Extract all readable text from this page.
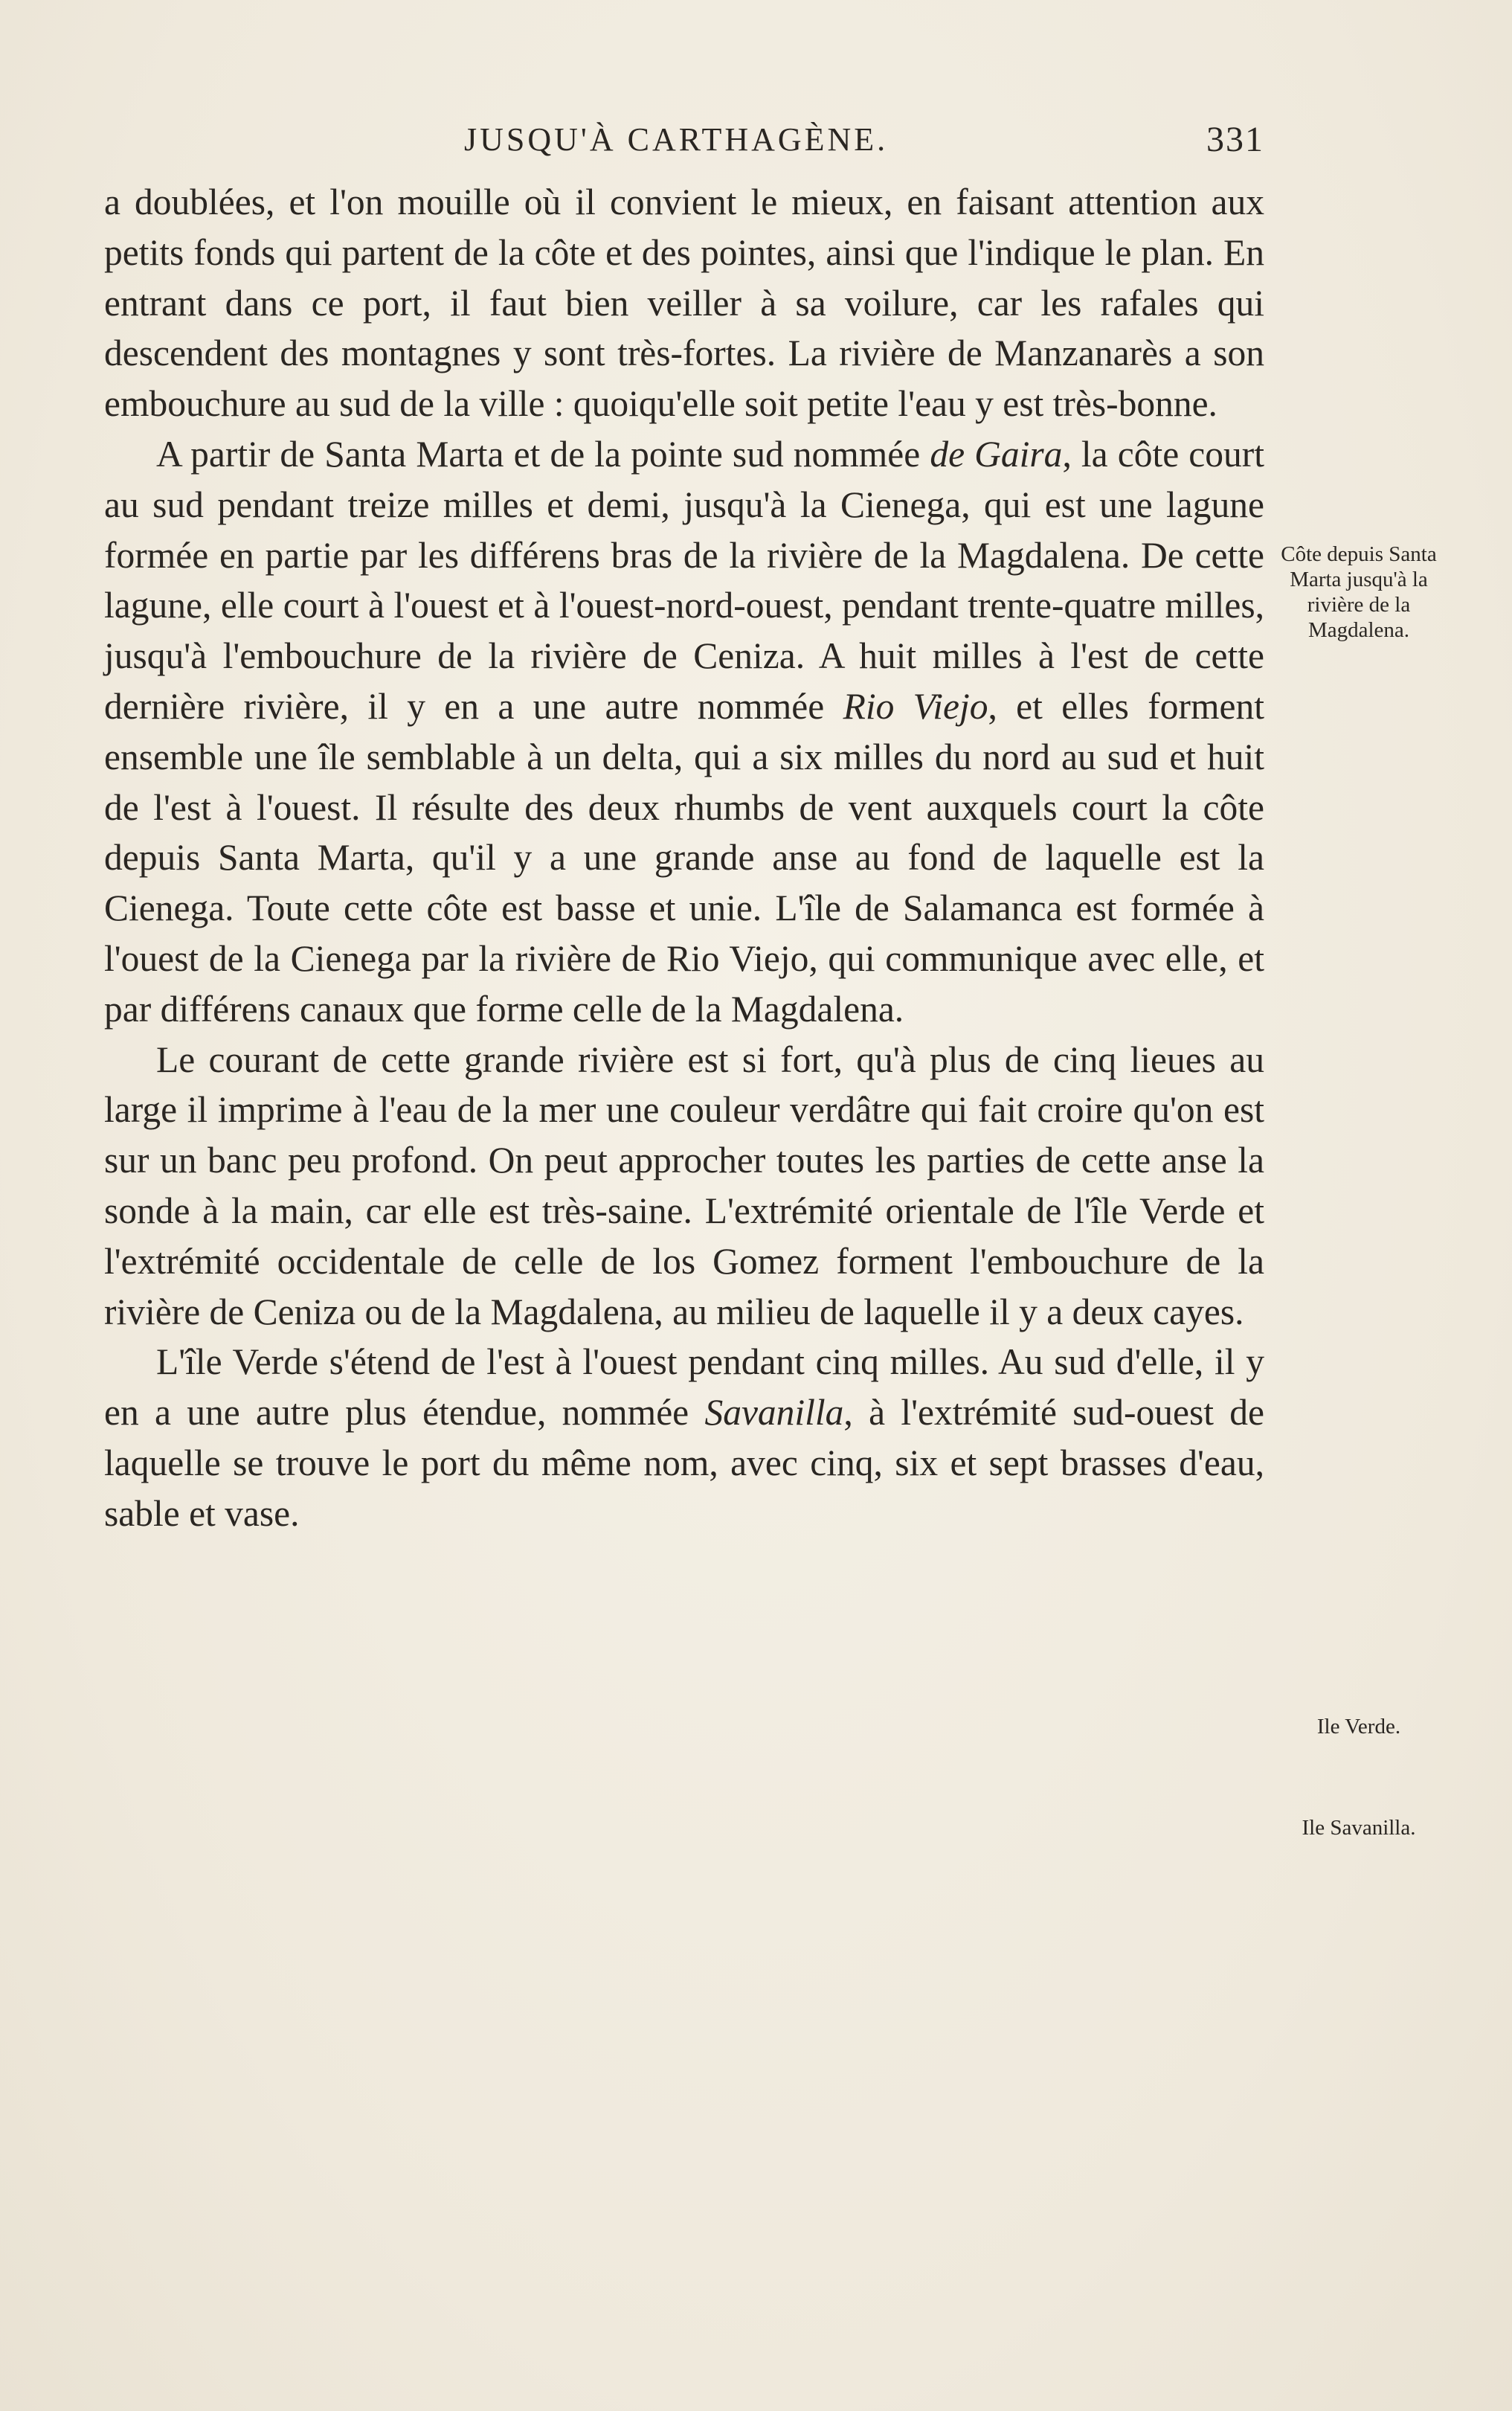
JUSQU'À CARTHAGÈNE.	331

a doublées, et l'on mouille où il convient le mieux, en faisant attention aux petits fonds qui partent de la côte et des pointes, ainsi que l'indique le plan. En entrant dans ce port, il faut bien veiller à sa voilure, car les rafales qui descendent des montagnes y sont très-fortes. La rivière de Manzanarès a son embouchure au sud de la ville : quoiqu'elle soit petite l'eau y est très-bonne.

A partir de Santa Marta et de la pointe sud nommée de Gaira, la côte court au sud pendant treize milles et demi, jusqu'à la Cienega, qui est une lagune formée en partie par les différens bras de la rivière de la Magdalena. De cette lagune, elle court à l'ouest et à l'ouest-nord-ouest, pendant trente-quatre milles, jusqu'à l'embouchure de la rivière de Ceniza. A huit milles à l'est de cette dernière rivière, il y en a une autre nommée Rio Viejo, et elles forment ensemble une île semblable à un delta, qui a six milles du nord au sud et huit de l'est à l'ouest. Il résulte des deux rhumbs de vent auxquels court la côte depuis Santa Marta, qu'il y a une grande anse au fond de laquelle est la Cienega. Toute cette côte est basse et unie. L'île de Salamanca est formée à l'ouest de la Cienega par la rivière de Rio Viejo, qui communique avec elle, et par différens canaux que forme celle de la Magdalena.

Le courant de cette grande rivière est si fort, qu'à plus de cinq lieues au large il imprime à l'eau de la mer une couleur verdâtre qui fait croire qu'on est sur un banc peu profond. On peut approcher toutes les parties de cette anse la sonde à la main, car elle est très-saine. L'extrémité orientale de l'île Verde et l'extrémité occidentale de celle de los Gomez forment l'embouchure de la rivière de Ceniza ou de la Magdalena, au milieu de laquelle il y a deux cayes.

L'île Verde s'étend de l'est à l'ouest pendant cinq milles. Au sud d'elle, il y en a une autre plus étendue, nommée Savanilla, à l'extrémité sud-ouest de laquelle se trouve le port du même nom, avec cinq, six et sept brasses d'eau, sable et vase.

Côte depuis Santa Marta jusqu'à la rivière de la Magdalena.
Ile Verde.
Ile Savanilla.
